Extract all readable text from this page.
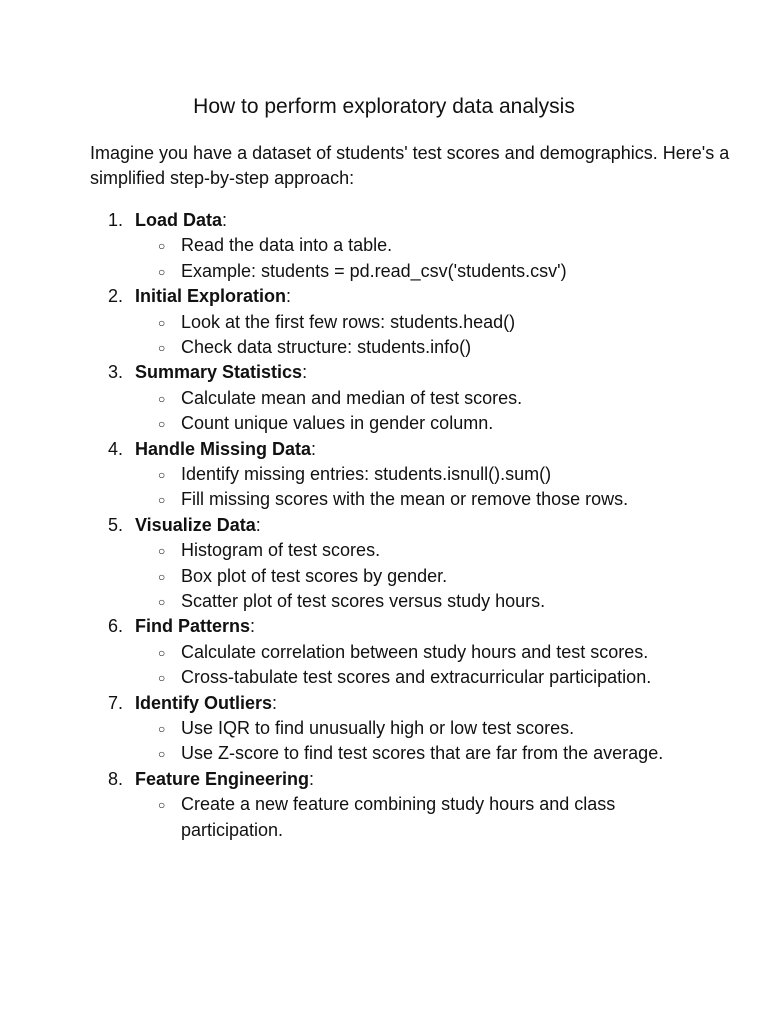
How to perform exploratory data analysis

Imagine you have a dataset of students' test scores and demographics. Here's a simplified step-by-step approach:

1. Load Data:
○ Read the data into a table.
○ Example: students = pd.read_csv('students.csv')
2. Initial Exploration:
○ Look at the first few rows: students.head()
○ Check data structure: students.info()
3. Summary Statistics:
○ Calculate mean and median of test scores.
○ Count unique values in gender column.
4. Handle Missing Data:
○ Identify missing entries: students.isnull().sum()
○ Fill missing scores with the mean or remove those rows.
5. Visualize Data:
○ Histogram of test scores.
○ Box plot of test scores by gender.
○ Scatter plot of test scores versus study hours.
6. Find Patterns:
○ Calculate correlation between study hours and test scores.
○ Cross-tabulate test scores and extracurricular participation.
7. Identify Outliers:
○ Use IQR to find unusually high or low test scores.
○ Use Z-score to find test scores that are far from the average.
8. Feature Engineering:
○ Create a new feature combining study hours and class participation.
